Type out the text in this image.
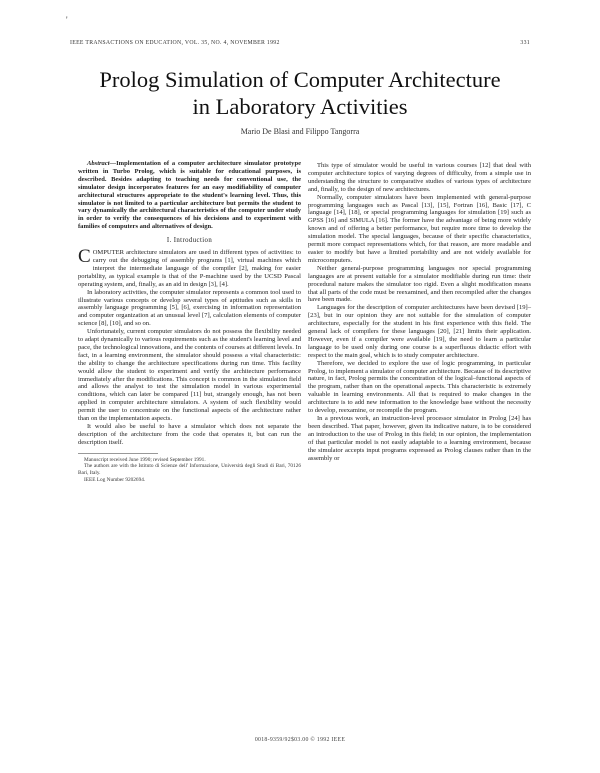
'
IEEE TRANSACTIONS ON EDUCATION, VOL. 35, NO. 4, NOVEMBER 1992	331
Prolog Simulation of Computer Architecture
in Laboratory Activities
Mario De Blasi and Filippo Tangorra

Abstract—Implementation of a computer architecture simulator prototype written in Turbo Prolog, which is suitable for educational purposes, is described. Besides adapting to teaching needs for conventional use, the simulator design incorporates features for an easy modifiability of computer architectural structures appropriate to the student's learning level. Thus, this simulator is not limited to a particular architecture but permits the student to vary dynamically the architectural characteristics of the computer under study in order to verify the consequences of his decisions and to experiment with families of computers and alternatives of design.

I. Introduction

COMPUTER architecture simulators are used in different types of activities: to carry out the debugging of assembly programs [1], virtual machines which interpret the intermediate language of the compiler [2], making for easier portability, as typical example is that of the P-machine used by the UCSD Pascal operating system, and, finally, as an aid in design [3], [4].

In laboratory activities, the computer simulator represents a common tool used to illustrate various concepts or develop several types of aptitudes such as skills in assembly language programming [5], [6], exercising in information representation and computer organization at an unusual level [7], calculation elements of computer science [8], [10], and so on.

Unfortunately, current computer simulators do not possess the flexibility needed to adapt dynamically to various requirements such as the student's learning level and pace, the technological innovations, and the contents of courses at different levels. In fact, in a learning environment, the simulator should possess a vital characteristic: the ability to change the architecture specifications during run time. This facility would allow the student to experiment and verify the architecture performance immediately after the modifications. This concept is common in the simulation field and allows the analyst to test the simulation model in various experimental conditions, which can later be compared [11] but, strangely enough, has not been applied in computer architecture simulators. A system of such flexibility would permit the user to concentrate on the functional aspects of the architecture rather than on the implementation aspects.

It would also be useful to have a simulator which does not separate the description of the architecture from the code that operates it, but can run the description itself.

Manuscript received June 1990; revised September 1991.

The authors are with the Istituto di Scienze dell' Informazione, Università degli Studi di Bari, 70126 Bari, Italy.

IEEE Log Number 9202694.

This type of simulator would be useful in various courses [12] that deal with computer architecture topics of varying degrees of difficulty, from a simple use in understanding the structure to comparative studies of various types of architecture and, finally, to the design of new architectures.

Normally, computer simulators have been implemented with general-purpose programming languages such as Pascal [13], [15], Fortran [16], Basic [17], C language [14], [18], or special programming languages for simulation [19] such as GPSS [16] and SIMULA [16]. The former have the advantage of being more widely known and of offering a better performance, but require more time to develop the simulation model. The special languages, because of their specific characteristics, permit more compact representations which, for that reason, are more readable and easier to modify but have a limited portability and are not widely available for microcomputers.

Neither general-purpose programming languages nor special programming languages are at present suitable for a simulator modifiable during run time: their procedural nature makes the simulator too rigid. Even a slight modification means that all parts of the code must be reexamined, and then recompiled after the changes have been made.

Languages for the description of computer architectures have been devised [19]–[23], but in our opinion they are not suitable for the simulation of computer architecture, especially for the student in his first experience with this field. The general lack of compilers for these languages [20], [21] limits their application. However, even if a compiler were available [19], the need to learn a particular language to be used only during one course is a superfluous didactic effort with respect to the main goal, which is to study computer architecture.

Therefore, we decided to explore the use of logic programming, in particular Prolog, to implement a simulator of computer architecture. Because of its descriptive nature, in fact, Prolog permits the concentration of the logical–functional aspects of the program, rather than on the operational aspects. This characteristic is extremely valuable in learning environments. All that is required to make changes in the architecture is to add new information to the knowledge base without the necessity to develop, reexamine, or recompile the program.

In a previous work, an instruction-level processor simulator in Prolog [24] has been described. That paper, however, given its indicative nature, is to be considered an introduction to the use of Prolog in this field; in our opinion, the implementation of that particular model is not easily adaptable to a learning environment, because the simulator accepts input programs expressed as Prolog clauses rather than in the assembly or

0018-9359/92$03.00 © 1992 IEEE
